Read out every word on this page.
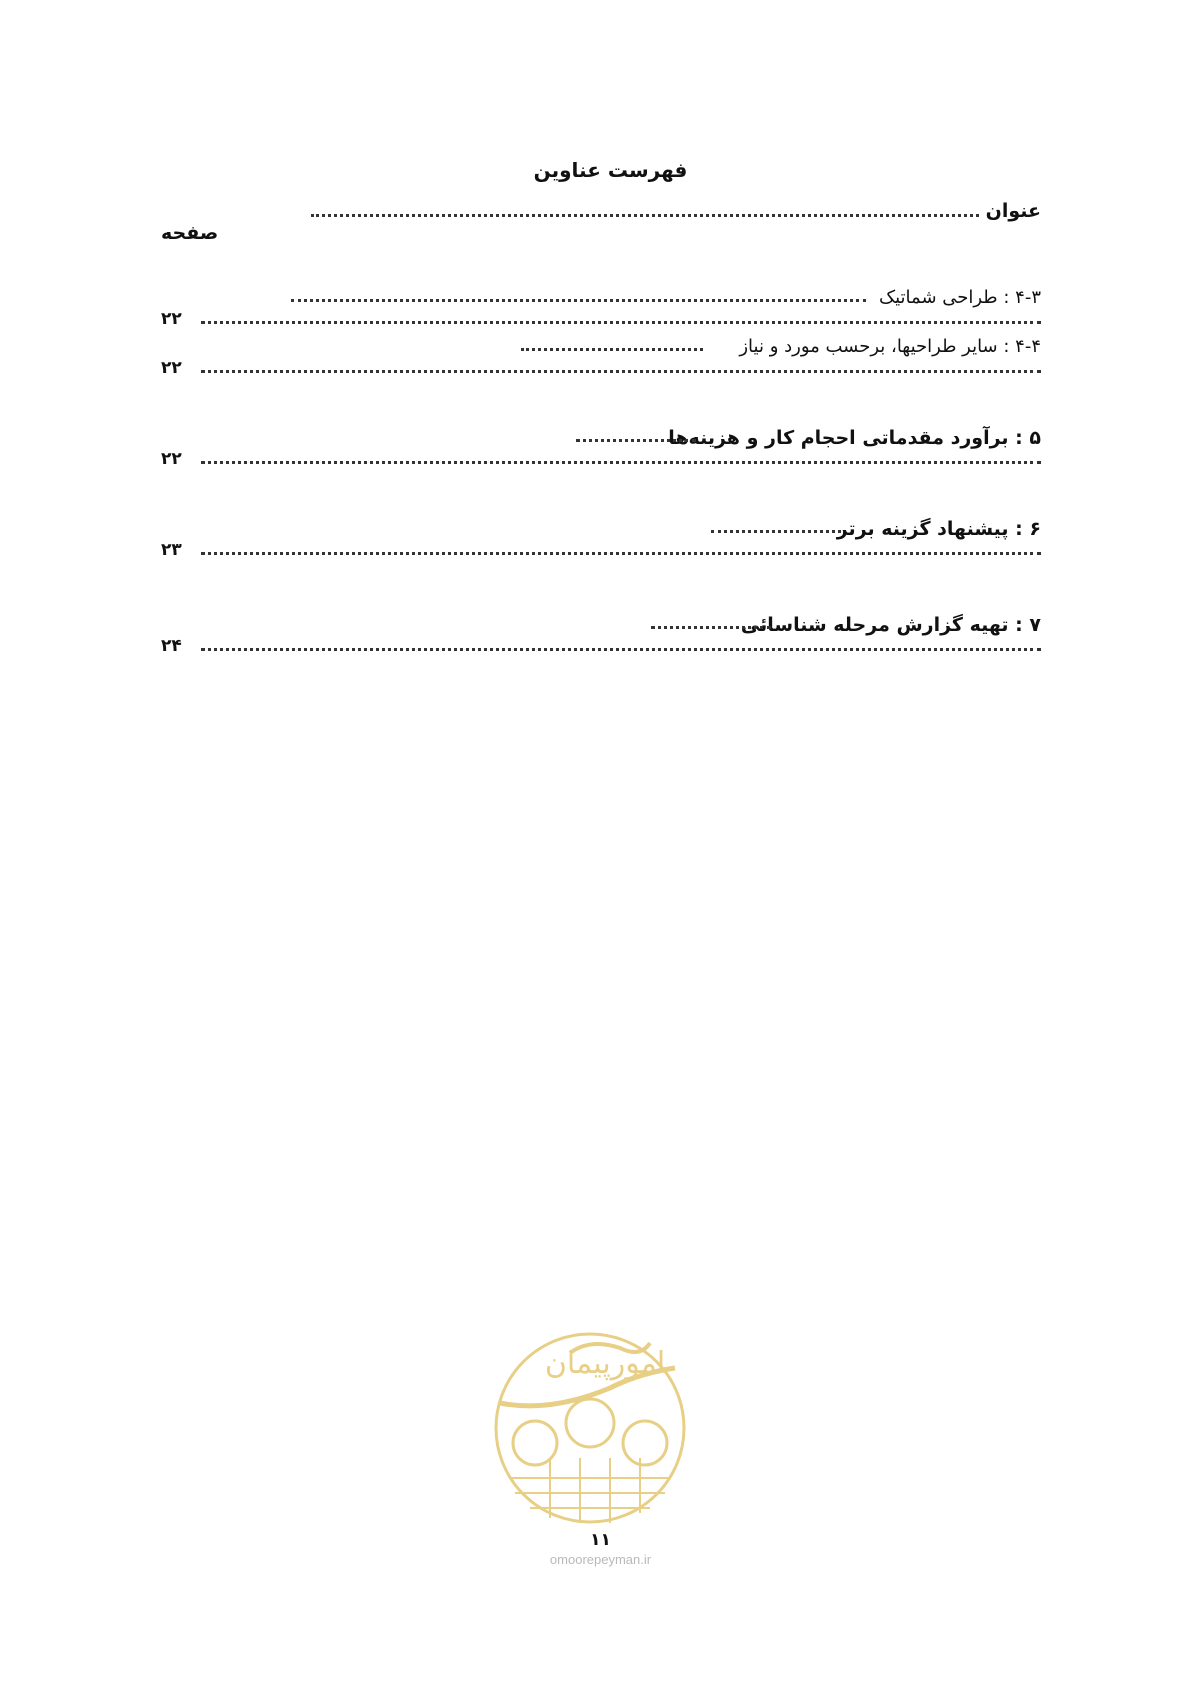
فهرست عناوین
عنوان
صفحه
۴-۳ : طراحی شماتیک
۲۲
۴-۴ : سایر طراحیها، برحسب مورد و نیاز
۲۲
۵ : برآورد مقدماتی احجام کار و هزینه‌ها
۲۲
۶ : پیشنهاد گزینه برتر
۲۳
۷ : تهیه گزارش مرحله شناسائی
۲۴
امورپیمان
۱۱
omoorepeyman.ir
